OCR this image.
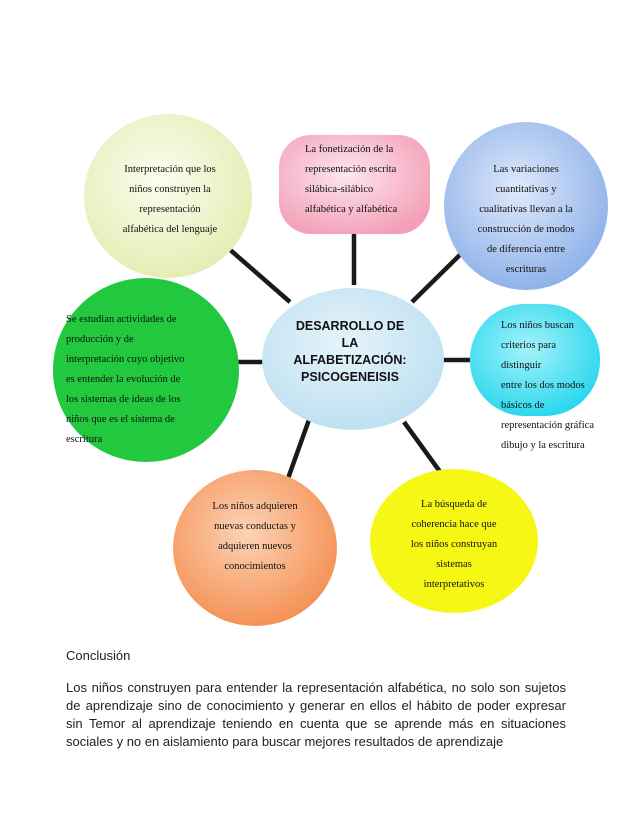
Interpretación que los

niños construyen la

representación

alfabética del lenguaje

La fonetización de la

representación escrita

silábica-silábico

alfabética y alfabética

Las variaciones

cuantitativas y

cualitativas llevan a la

construcción de modos

de diferencia entre

escrituras

Se estudian actividades de

producción y de

interpretación cuyo objetivo

es entender la evolución de

los sistemas de ideas de los

niños que es el sistema de

escritura

DESARROLLO DE

LA

ALFABETIZACIÓN:

PSICOGENEISIS

Los niños buscan

criterios para distinguir

entre los dos modos

básicos de

representación gráfica

dibujo y la escritura

Los niños adquieren

nuevas conductas y

adquieren nuevos

conocimientos

La búsqueda de

coherencia hace que

los niños construyan

sistemas

interpretativos

Conclusión

Los niños construyen para entender la representación alfabética, no solo son sujetos de aprendizaje sino de conocimiento y generar en ellos el hábito de poder expresar sin Temor al aprendizaje teniendo en cuenta que se aprende más en situaciones sociales y no en aislamiento para buscar mejores resultados de aprendizaje
